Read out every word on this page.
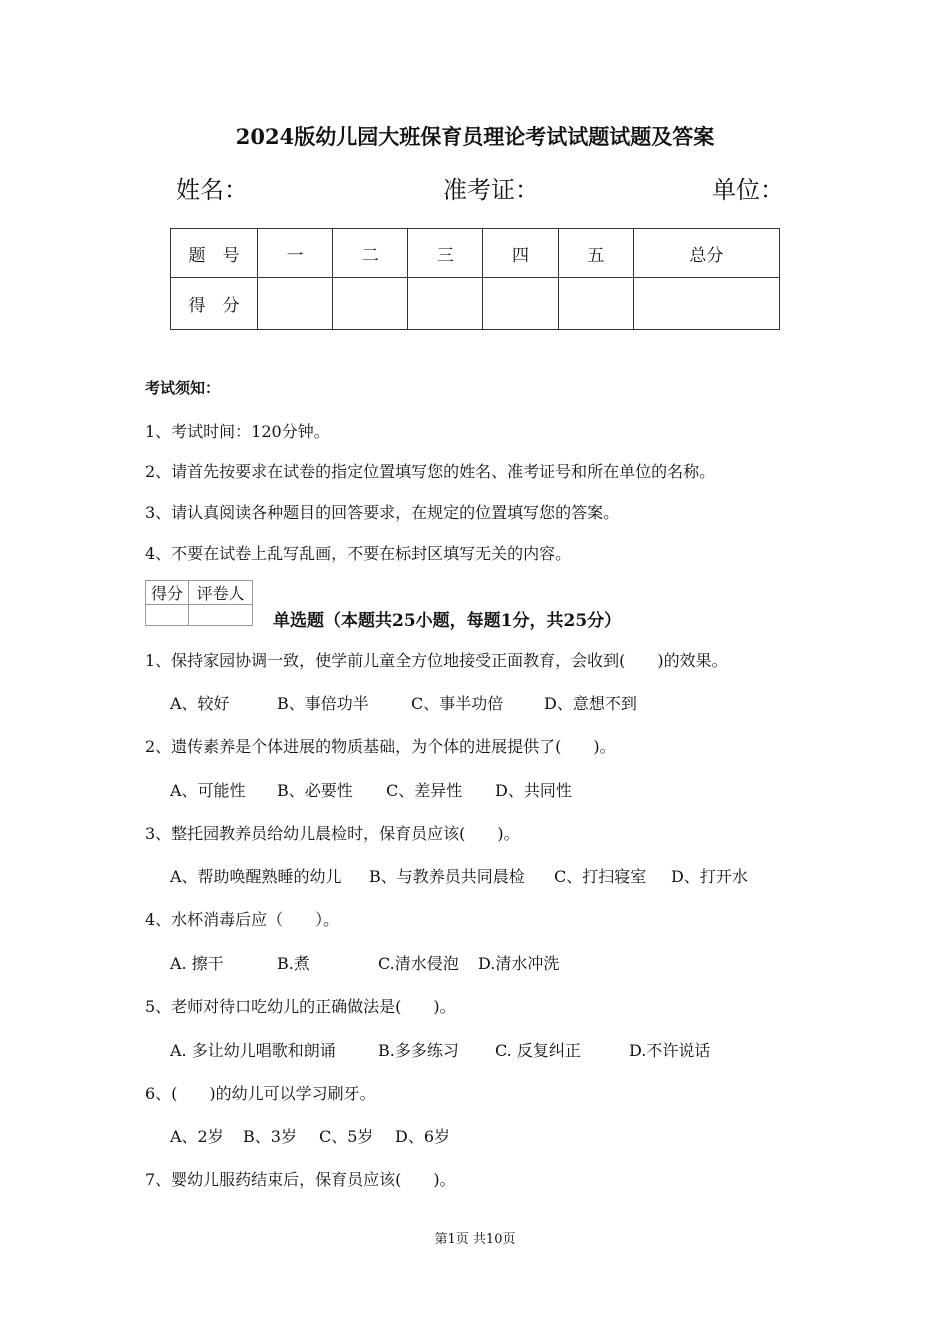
2024版幼儿园大班保育员理论考试试题试题及答案
姓名：	准考证：	单位：
题　号	一	二	三	四	五	总分
得　分						
考试须知：
1、考试时间：120分钟。
2、请首先按要求在试卷的指定位置填写您的姓名、准考证号和所在单位的名称。
3、请认真阅读各种题目的回答要求，在规定的位置填写您的答案。
4、不要在试卷上乱写乱画，不要在标封区填写无关的内容。
得分	评卷人

单选题（本题共25小题，每题1分，共25分）
1、保持家园协调一致，使学前儿童全方位地接受正面教育，会收到(　　)的效果。
A、较好	B、事倍功半	C、事半功倍	D、意想不到
2、遗传素养是个体进展的物质基础，为个体的进展提供了(　　)。
A、可能性 B、必要性 C、差异性 D、共同性
3、整托园教养员给幼儿晨检时，保育员应该(　　)。
A、帮助唤醒熟睡的幼儿 B、与教养员共同晨检 C、打扫寝室 D、打开水
4、水杯消毒后应（　　）。
A. 擦干	B.煮	C.清水侵泡 D.清水冲洗
5、老师对待口吃幼儿的正确做法是(　　)。
A. 多让幼儿唱歌和朗诵	B.多多练习 C. 反复纠正	D.不许说话
6、(　　)的幼儿可以学习刷牙。
A、2岁 B、3岁 C、5岁 D、6岁
7、婴幼儿服药结束后，保育员应该(　　)。
第1页 共10页
